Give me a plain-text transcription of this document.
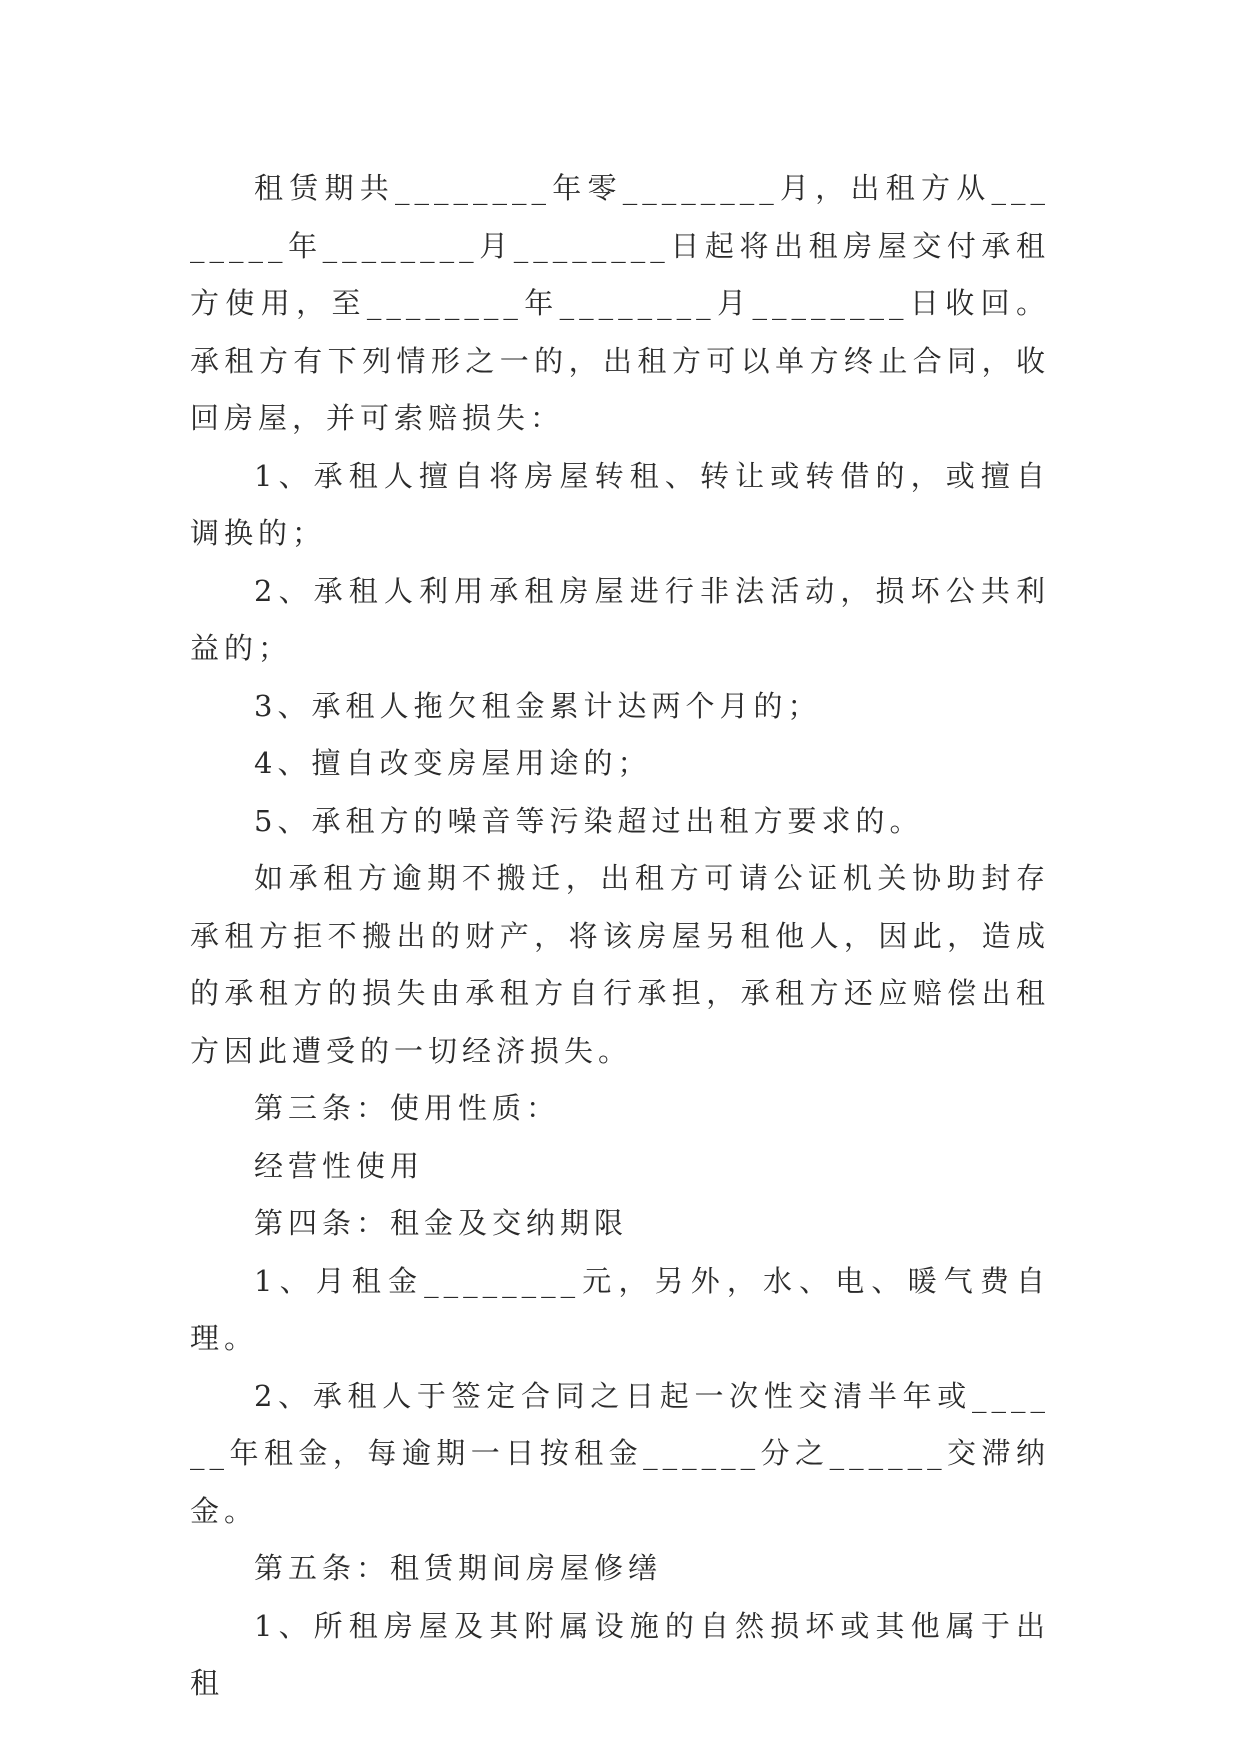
租赁期共________年零________月，出租方从________年________月________日起将出租房屋交付承租方使用，至________年________月________日收回。承租方有下列情形之一的，出租方可以单方终止合同，收回房屋，并可索赔损失：

1、承租人擅自将房屋转租、转让或转借的，或擅自调换的；

2、承租人利用承租房屋进行非法活动，损坏公共利益的；

3、承租人拖欠租金累计达两个月的；

4、擅自改变房屋用途的；

5、承租方的噪音等污染超过出租方要求的。

如承租方逾期不搬迁，出租方可请公证机关协助封存承租方拒不搬出的财产，将该房屋另租他人，因此，造成的承租方的损失由承租方自行承担，承租方还应赔偿出租方因此遭受的一切经济损失。

第三条：使用性质：

经营性使用

第四条：租金及交纳期限

1、月租金________元，另外，水、电、暖气费自理。

2、承租人于签定合同之日起一次性交清半年或______年租金，每逾期一日按租金______分之______交滞纳金。

第五条：租赁期间房屋修缮

1、所租房屋及其附属设施的自然损坏或其他属于出租
